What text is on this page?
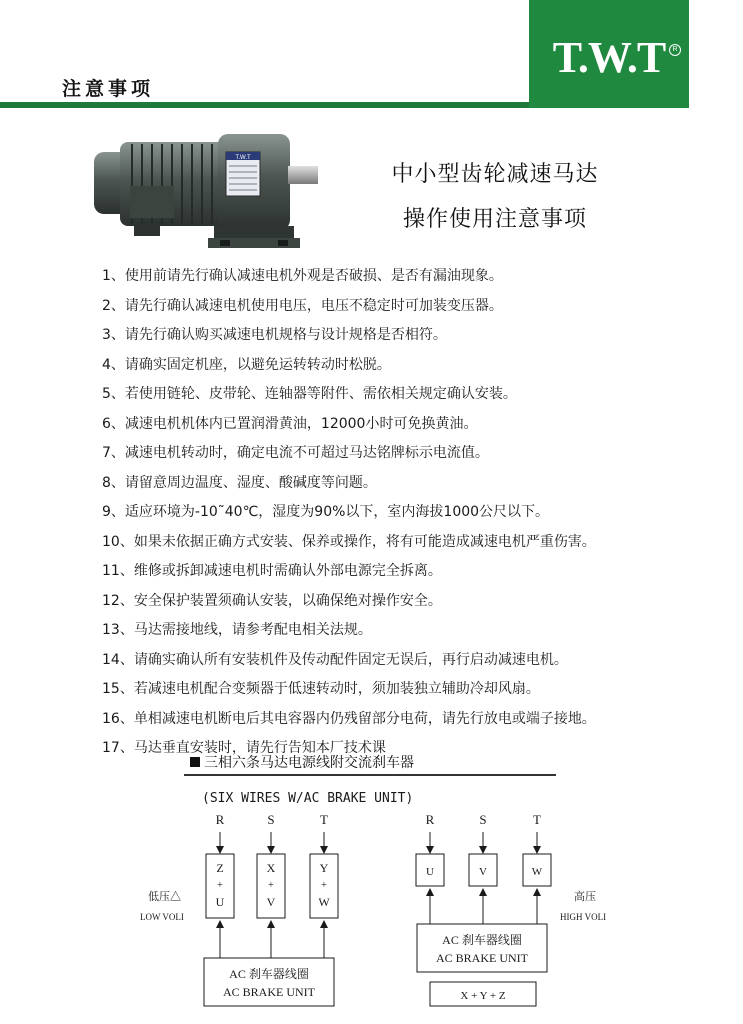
注意事项
T.W.T	R
T.W.T
中小型齿轮减速马达
操作使用注意事项
1、使用前请先行确认减速电机外观是否破损、是否有漏油现象。
2、请先行确认减速电机使用电压，电压不稳定时可加装变压器。
3、请先行确认购买减速电机规格与设计规格是否相符。
4、请确实固定机座，以避免运转转动时松脱。
5、若使用链轮、皮带轮、连轴器等附件、需依相关规定确认安装。
6、减速电机机体内已置润滑黄油，12000小时可免换黄油。
7、减速电机转动时，确定电流不可超过马达铭牌标示电流值。
8、请留意周边温度、湿度、酸碱度等问题。
9、适应环境为-10˜40℃，湿度为90%以下，室内海拔1000公尺以下。
10、如果未依据正确方式安装、保养或操作，将有可能造成减速电机严重伤害。
11、维修或拆卸减速电机时需确认外部电源完全拆离。
12、安全保护装置须确认安装，以确保绝对操作安全。
13、马达需接地线，请参考配电相关法规。
14、请确实确认所有安装机件及传动配件固定无误后，再行启动减速电机。
15、若减速电机配合变频器于低速转动时，须加装独立辅助冷却风扇。
16、单相减速电机断电后其电容器内仍残留部分电荷，请先行放电或端子接地。
17、马达垂直安装时，请先行告知本厂技术课
三相六条马达电源线附交流刹车器
(SIX WIRES W/AC BRAKE UNIT)
R	S	T
Z
+
U
X
+
V
Y
+
W
低压△
LOW VOLI
AC 刹车器线圈
AC BRAKE UNIT
R	S	T
U	V	W
高压
HIGH VOLI
AC 刹车器线圈
AC BRAKE UNIT
X + Y + Z
